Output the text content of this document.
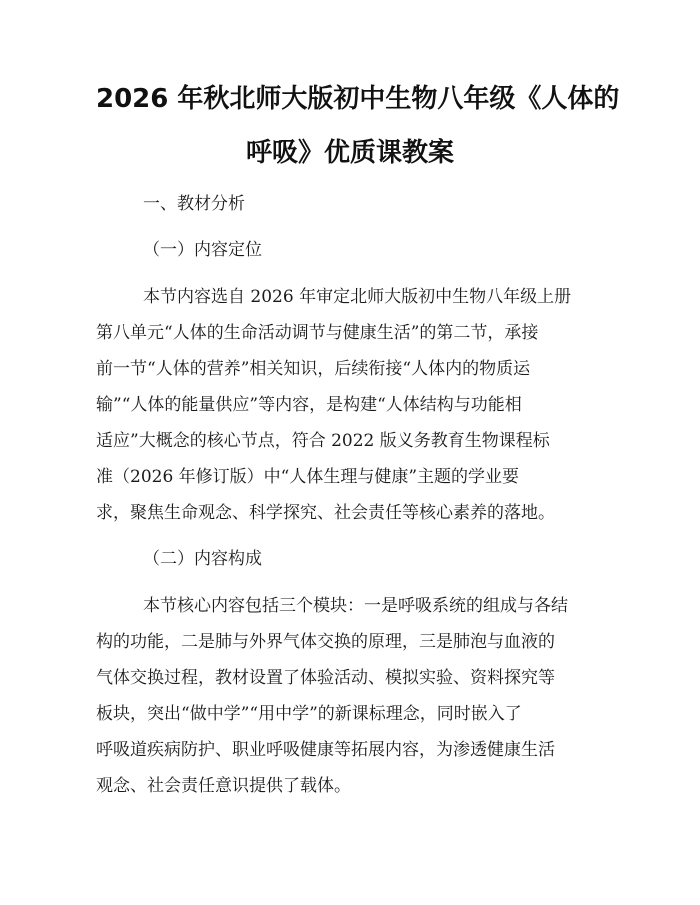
2026 年秋北师大版初中生物八年级《人体的
呼吸》优质课教案
一、教材分析
（一）内容定位
本节内容选自 2026 年审定北师大版初中生物八年级上册
第八单元“人体的生命活动调节与健康生活”的第二节，承接
前一节“人体的营养”相关知识，后续衔接“人体内的物质运
输”“人体的能量供应”等内容，是构建“人体结构与功能相
适应”大概念的核心节点，符合 2022 版义务教育生物课程标
准（2026 年修订版）中“人体生理与健康”主题的学业要
求，聚焦生命观念、科学探究、社会责任等核心素养的落地。
（二）内容构成
本节核心内容包括三个模块：一是呼吸系统的组成与各结
构的功能，二是肺与外界气体交换的原理，三是肺泡与血液的
气体交换过程，教材设置了体验活动、模拟实验、资料探究等
板块，突出“做中学”“用中学”的新课标理念，同时嵌入了
呼吸道疾病防护、职业呼吸健康等拓展内容，为渗透健康生活
观念、社会责任意识提供了载体。
